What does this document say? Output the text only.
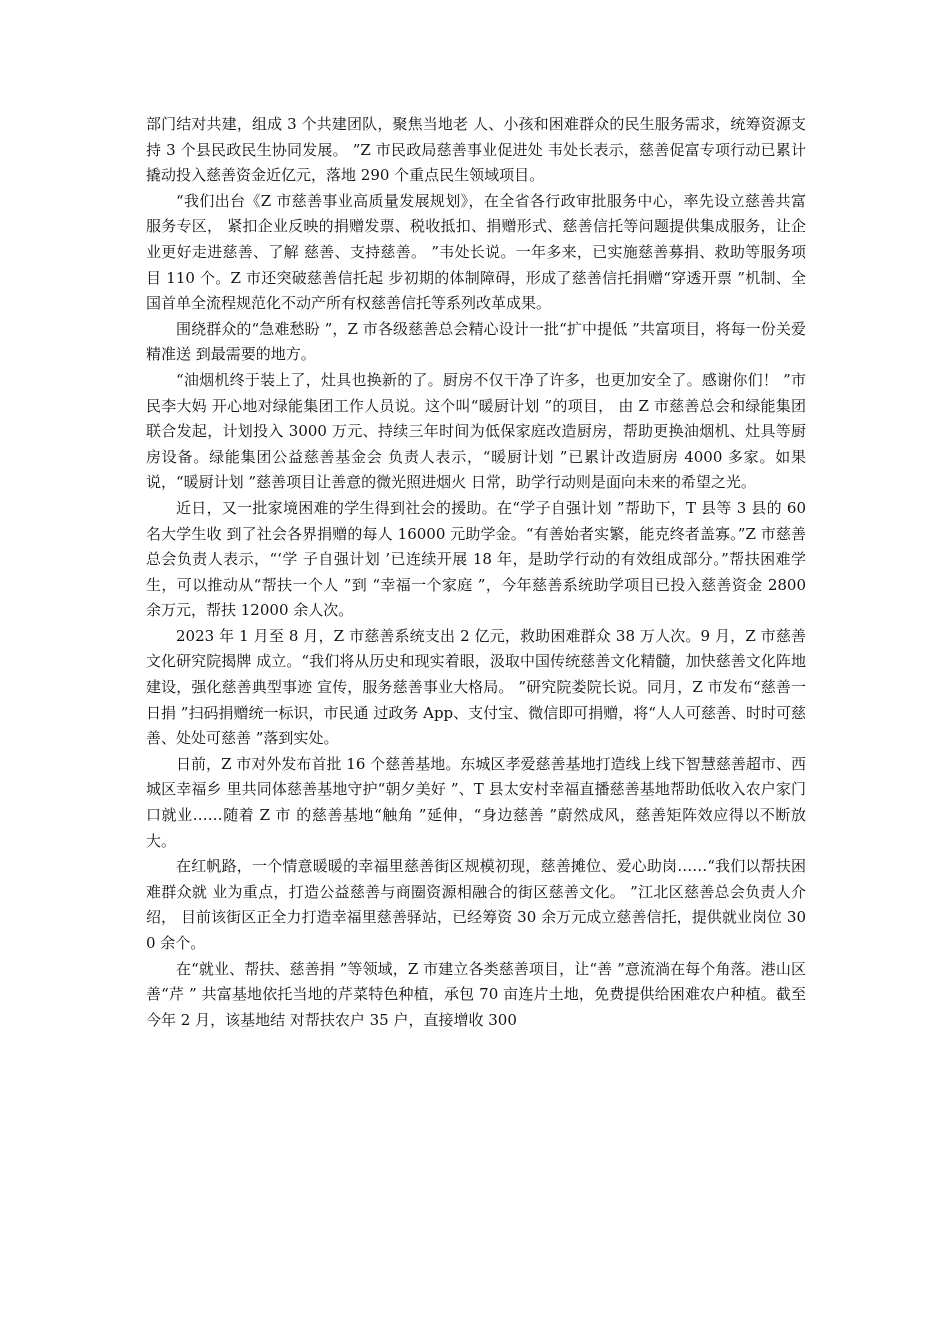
部门结对共建，组成 3 个共建团队，聚焦当地老 人、小孩和困难群众的民生服务需求，统筹资源支持 3 个县民政民生协同发展。 ”Z 市民政局慈善事业促进处 韦处长表示，慈善促富专项行动已累计撬动投入慈善资金近亿元，落地 290 个重点民生领域项目。

“我们出台《Z 市慈善事业高质量发展规划》，在全省各行政审批服务中心，率先设立慈善共富服务专区， 紧扣企业反映的捐赠发票、税收抵扣、捐赠形式、慈善信托等问题提供集成服务，让企业更好走进慈善、了解 慈善、支持慈善。 ”韦处长说。一年多来，已实施慈善募捐、救助等服务项目 110 个。Z 市还突破慈善信托起 步初期的体制障碍，形成了慈善信托捐赠“穿透开票 ”机制、全国首单全流程规范化不动产所有权慈善信托等系列改革成果。

围绕群众的“急难愁盼 ”，Z 市各级慈善总会精心设计一批“扩中提低 ”共富项目，将每一份关爱精准送 到最需要的地方。

“油烟机终于装上了，灶具也换新的了。厨房不仅干净了许多，也更加安全了。感谢你们！ ”市民李大妈 开心地对绿能集团工作人员说。这个叫“暖厨计划 ”的项目， 由 Z 市慈善总会和绿能集团联合发起，计划投入 3000 万元、持续三年时间为低保家庭改造厨房，帮助更换油烟机、灶具等厨房设备。绿能集团公益慈善基金会 负责人表示，“暖厨计划 ”已累计改造厨房 4000 多家。如果说，“暖厨计划 ”慈善项目让善意的微光照进烟火 日常，助学行动则是面向未来的希望之光。

近日，又一批家境困难的学生得到社会的援助。在“学子自强计划 ”帮助下，T 县等 3 县的 60 名大学生收 到了社会各界捐赠的每人 16000 元助学金。“有善始者实繁，能克终者盖寡。”Z 市慈善总会负责人表示，“‘学 子自强计划 ’已连续开展 18 年，是助学行动的有效组成部分。”帮扶困难学生，可以推动从“帮扶一个人 ”到 “幸福一个家庭 ”，今年慈善系统助学项目已投入慈善资金 2800 余万元，帮扶 12000 余人次。

2023 年 1 月至 8 月，Z 市慈善系统支出 2 亿元，救助困难群众 38 万人次。9 月，Z 市慈善文化研究院揭牌 成立。“我们将从历史和现实着眼，汲取中国传统慈善文化精髓，加快慈善文化阵地建设，强化慈善典型事迹 宣传，服务慈善事业大格局。 ”研究院娄院长说。同月，Z 市发布“慈善一日捐 ”扫码捐赠统一标识，市民通 过政务 App、支付宝、微信即可捐赠，将“人人可慈善、时时可慈善、处处可慈善 ”落到实处。

日前，Z 市对外发布首批 16 个慈善基地。东城区孝爱慈善基地打造线上线下智慧慈善超市、西城区幸福乡 里共同体慈善基地守护“朝夕美好 ”、T 县太安村幸福直播慈善基地帮助低收入农户家门口就业……随着 Z 市 的慈善基地“触角 ”延伸，“身边慈善 ”蔚然成风，慈善矩阵效应得以不断放大。

在红帆路，一个情意暖暖的幸福里慈善街区规模初现，慈善摊位、爱心助岗……“我们以帮扶困难群众就 业为重点，打造公益慈善与商圈资源相融合的街区慈善文化。 ”江北区慈善总会负责人介绍， 目前该街区正全力打造幸福里慈善驿站，已经筹资 30 余万元成立慈善信托，提供就业岗位 300 余个。

在“就业、帮扶、慈善捐 ”等领域，Z 市建立各类慈善项目，让“善 ”意流淌在每个角落。港山区善“芹 ” 共富基地依托当地的芹菜特色种植，承包 70 亩连片土地，免费提供给困难农户种植。截至今年 2 月，该基地结 对帮扶农户 35 户，直接增收 300
